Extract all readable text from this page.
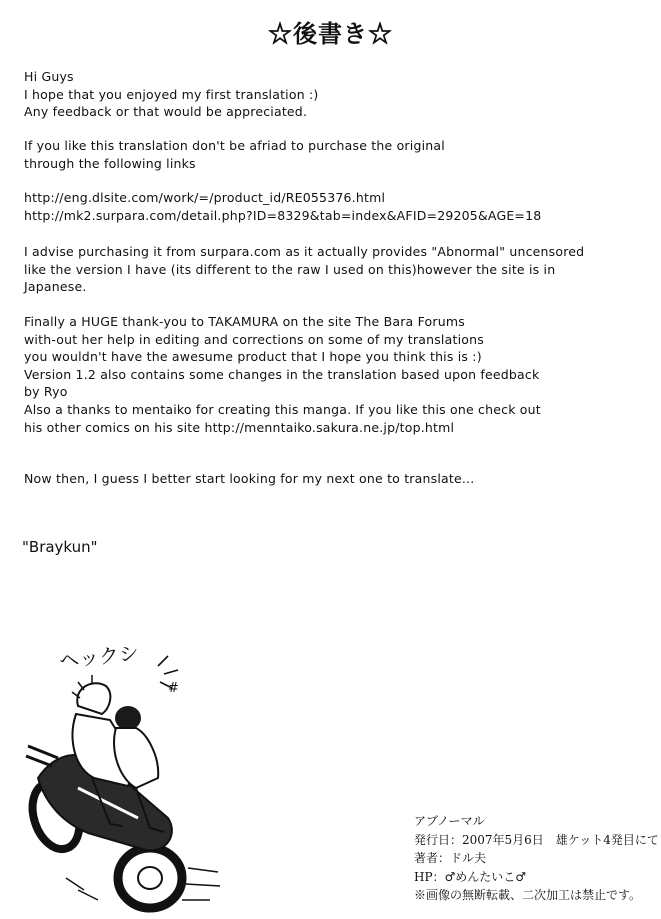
☆後書き☆
Hi Guys
I hope that you enjoyed my first translation :)
Any feedback or that would be appreciated.
If you like this translation don't be afriad to purchase the original
through the following links
http://eng.dlsite.com/work/=/product_id/RE055376.html
http://mk2.surpara.com/detail.php?ID=8329&tab=index&AFID=29205&AGE=18
I advise purchasing it from surpara.com as it actually provides "Abnormal" uncensored
like the version I have (its different to the raw I used on this)however the site is in
Japanese.
Finally a HUGE thank-you to TAKAMURA on the site The Bara Forums
with-out her help in editing and corrections on some of my translations
you wouldn't have the awesume product that I hope you think this is :)
Version 1.2 also contains some changes in the translation based upon feedback
by Ryo
Also a thanks to mentaiko for creating this manga. If you like this one check out
his other comics on his site http://menntaiko.sakura.ne.jp/top.html
Now then, I guess I better start looking for my next one to translate...
"Braykun"
ヘックシ
#
アブノーマル
発行日：2007年5月6日　雄ケット4発目にて
著者：ドル夫
HP：♂めんたいこ♂
※画像の無断転載、二次加工は禁止です。
